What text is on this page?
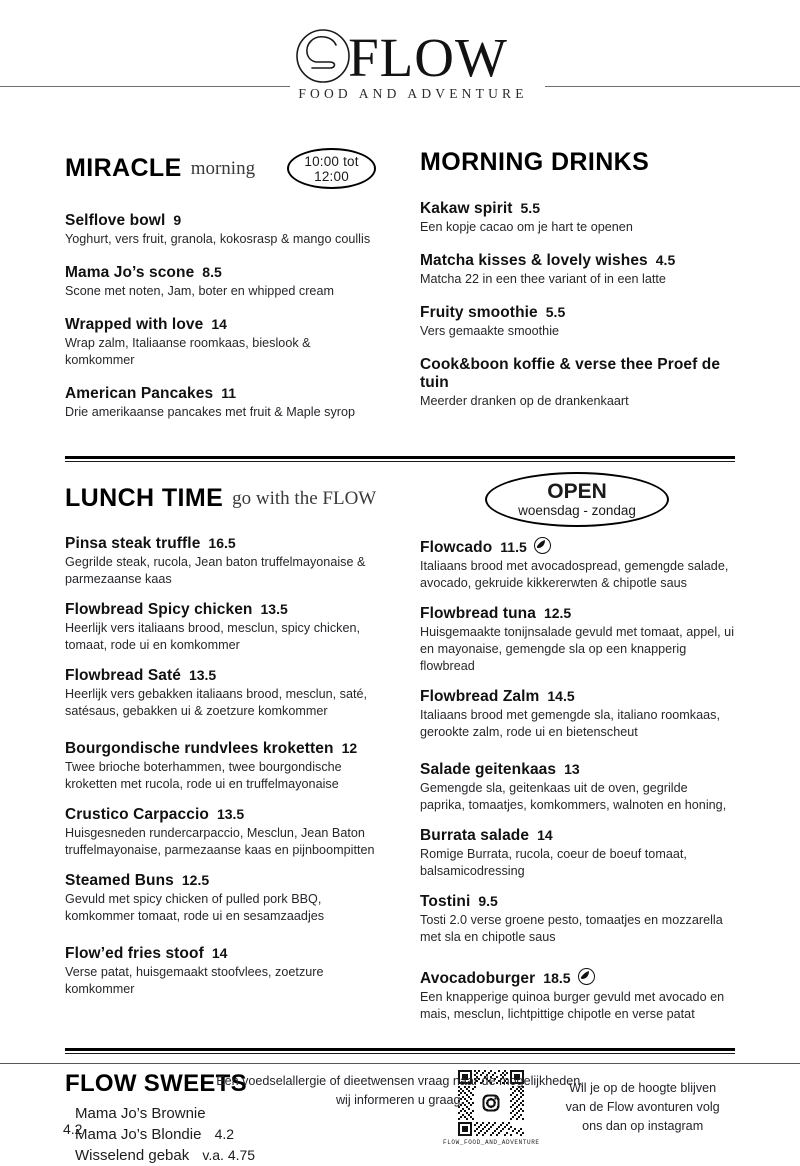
FLOW
FOOD AND ADVENTURE
MIRACLE morning	10:00 tot 12:00
Selflove bowl 9
Yoghurt, vers fruit, granola, kokosrasp & mango coullis
Mama Jo’s scone 8.5
Scone met noten, Jam, boter en whipped cream
Wrapped with love 14
Wrap zalm, Italiaanse roomkaas, bieslook & komkommer
American Pancakes 11
Drie amerikaanse pancakes met fruit & Maple syrop
MORNING DRINKS
Kakaw spirit 5.5
Een kopje cacao om je hart te openen
Matcha kisses & lovely wishes 4.5
Matcha 22 in een thee variant of in een latte
Fruity smoothie 5.5
Vers gemaakte smoothie
Cook&boon koffie & verse thee Proef de tuin
Meerder dranken op de drankenkaart
LUNCH TIME go with the FLOW	OPEN
woensdag - zondag
Pinsa steak truffle 16.5
Gegrilde steak, rucola, Jean baton truffelmayonaise & parmezaanse kaas
Flowbread Spicy chicken 13.5
Heerlijk vers italiaans brood, mesclun, spicy chicken, tomaat, rode ui en komkommer
Flowbread Saté 13.5
Heerlijk vers gebakken italiaans brood, mesclun, saté, satésaus, gebakken ui & zoetzure komkommer
Bourgondische rundvlees kroketten 12
Twee brioche boterhammen, twee bourgondische kroketten met rucola, rode ui en truffelmayonaise
Crustico Carpaccio 13.5
Huisgesneden rundercarpaccio, Mesclun, Jean Baton truffelmayonaise, parmezaanse kaas en pijnboompitten
Steamed Buns 12.5
Gevuld met spicy chicken of pulled pork BBQ, komkommer tomaat, rode ui en sesamzaadjes
Flow’ed fries stoof 14
Verse patat, huisgemaakt stoofvlees, zoetzure komkommer
Flowcado 11.5
Italiaans brood met avocadospread, gemengde salade, avocado, gekruide kikkererwten & chipotle saus
Flowbread tuna 12.5
Huisgemaakte tonijnsalade gevuld met tomaat, appel, ui en mayonaise, gemengde sla op een knapperig flowbread
Flowbread Zalm 14.5
Italiaans brood met gemengde sla, italiano roomkaas, gerookte zalm, rode ui en bietenscheut
Salade geitenkaas 13
Gemengde sla, geitenkaas uit de oven, gegrilde paprika, tomaatjes, komkommers, walnoten en honing,
Burrata salade 14
Romige Burrata, rucola, coeur de boeuf tomaat, balsamicodressing
Tostini 9.5
Tosti 2.0 verse groene pesto, tomaatjes en mozzarella met sla en chipotle saus
Avocadoburger 18.5
Een knapperige quinoa burger gevuld met avocado en mais, mesclun, lichtpittige chipotle en verse patat
FLOW SWEETS
4.2
Mama Jo’s Brownie
Mama Jo’s Blondie 4.2
Wisselend gebak v.a. 4.75
FLOW_FOOD_AND_ADVENTURE
Wil je op de hoogte blijven
van de Flow avonturen volg
ons dan op instagram
Een voedselallergie of dieetwensen vraag naar de mogelijkheden,
wij informeren u graag.
